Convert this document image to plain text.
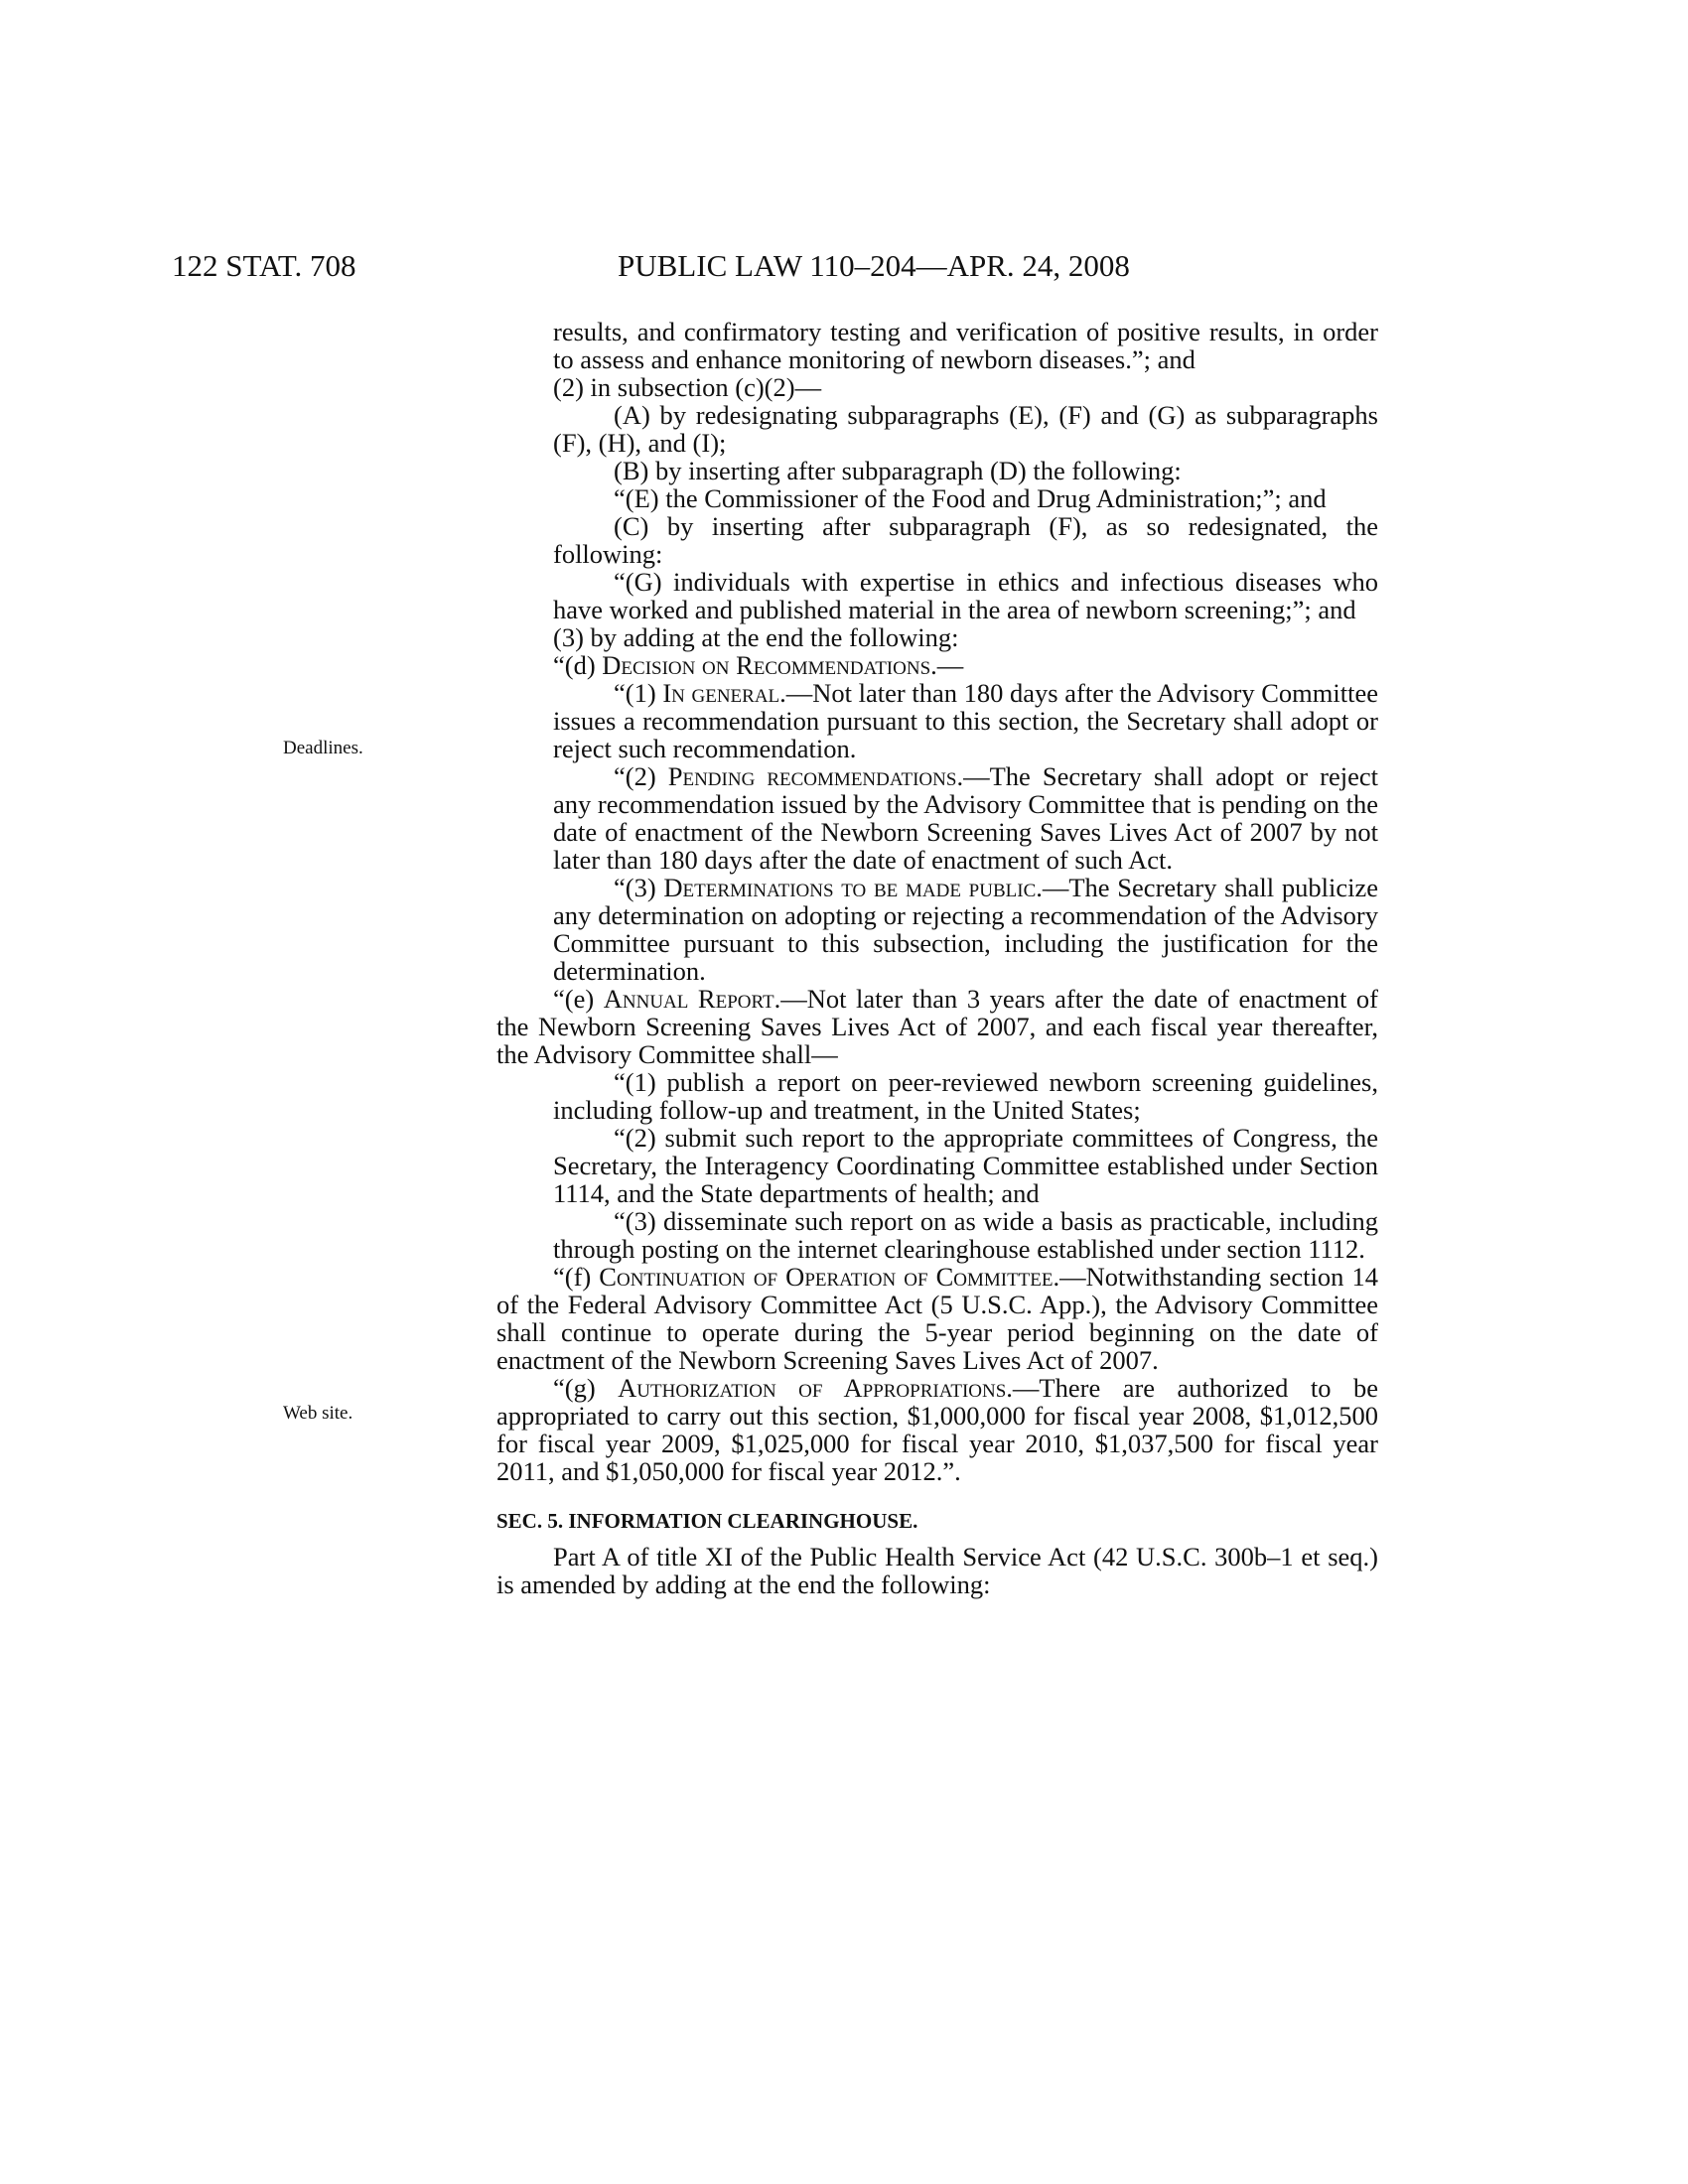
122 STAT. 708	PUBLIC LAW 110–204—APR. 24, 2008
Deadlines.
Web site.

results, and confirmatory testing and verification of positive results, in order to assess and enhance monitoring of newborn diseases.”; and

(2) in subsection (c)(2)—

(A) by redesignating subparagraphs (E), (F) and (G) as subparagraphs (F), (H), and (I);

(B) by inserting after subparagraph (D) the following:

“(E) the Commissioner of the Food and Drug Administration;”; and

(C) by inserting after subparagraph (F), as so redesignated, the following:

“(G) individuals with expertise in ethics and infectious diseases who have worked and published material in the area of newborn screening;”; and

(3) by adding at the end the following:

“(d) Decision on Recommendations.—

“(1) In general.—Not later than 180 days after the Advisory Committee issues a recommendation pursuant to this section, the Secretary shall adopt or reject such recommendation.

“(2) Pending recommendations.—The Secretary shall adopt or reject any recommendation issued by the Advisory Committee that is pending on the date of enactment of the Newborn Screening Saves Lives Act of 2007 by not later than 180 days after the date of enactment of such Act.

“(3) Determinations to be made public.—The Secretary shall publicize any determination on adopting or rejecting a recommendation of the Advisory Committee pursuant to this subsection, including the justification for the determination.

“(e) Annual Report.—Not later than 3 years after the date of enactment of the Newborn Screening Saves Lives Act of 2007, and each fiscal year thereafter, the Advisory Committee shall—

“(1) publish a report on peer-reviewed newborn screening guidelines, including follow-up and treatment, in the United States;

“(2) submit such report to the appropriate committees of Congress, the Secretary, the Interagency Coordinating Committee established under Section 1114, and the State departments of health; and

“(3) disseminate such report on as wide a basis as practicable, including through posting on the internet clearinghouse established under section 1112.

“(f) Continuation of Operation of Committee.—Notwithstanding section 14 of the Federal Advisory Committee Act (5 U.S.C. App.), the Advisory Committee shall continue to operate during the 5-year period beginning on the date of enactment of the Newborn Screening Saves Lives Act of 2007.

“(g) Authorization of Appropriations.—There are authorized to be appropriated to carry out this section, $1,000,000 for fiscal year 2008, $1,012,500 for fiscal year 2009, $1,025,000 for fiscal year 2010, $1,037,500 for fiscal year 2011, and $1,050,000 for fiscal year 2012.”.

SEC. 5. INFORMATION CLEARINGHOUSE.

Part A of title XI of the Public Health Service Act (42 U.S.C. 300b–1 et seq.) is amended by adding at the end the following:
